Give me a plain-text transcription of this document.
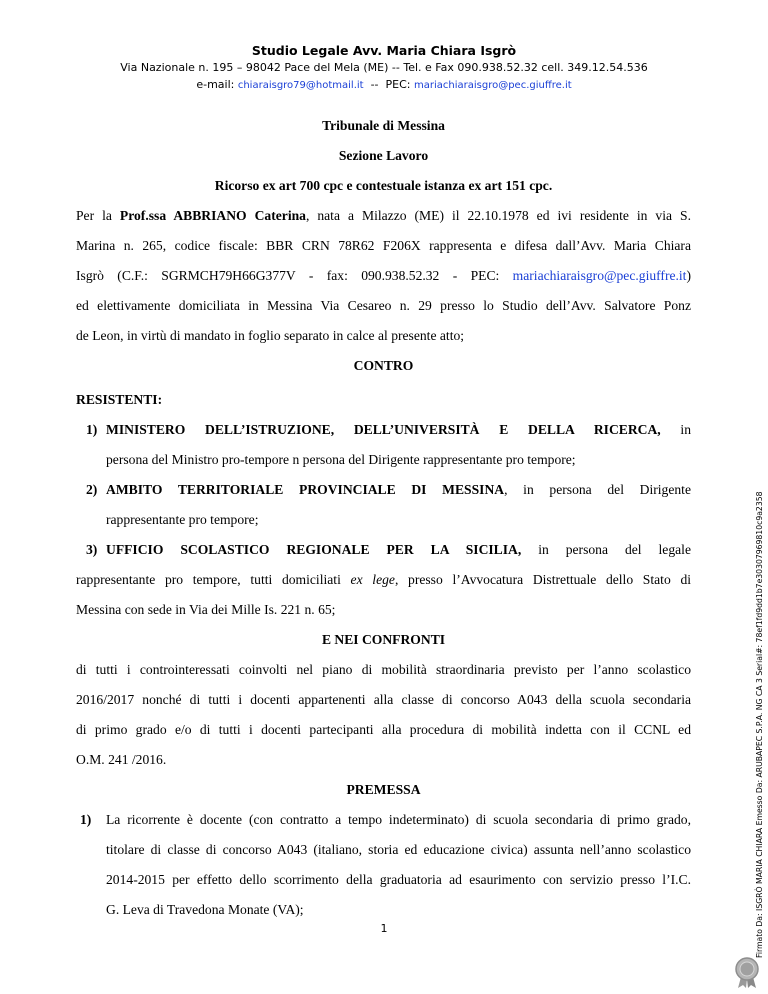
Studio Legale Avv. Maria Chiara Isgrò
Via Nazionale n. 195 – 98042 Pace del Mela (ME) -- Tel. e Fax 090.938.52.32 cell. 349.12.54.536
e-mail: chiaraisgro79@hotmail.it  --  PEC: mariachiaraisgro@pec.giuffre.it
Tribunale di Messina
Sezione Lavoro
Ricorso ex art 700 cpc e contestuale istanza ex art 151 cpc.
Per la Prof.ssa ABBRIANO Caterina, nata a Milazzo (ME) il 22.10.1978 ed ivi residente in via S.
Marina n. 265, codice fiscale: BBR CRN 78R62 F206X rappresenta e difesa dall’Avv. Maria Chiara
Isgrò (C.F.: SGRMCH79H66G377V - fax: 090.938.52.32 - PEC: mariachiaraisgro@pec.giuffre.it)
ed elettivamente domiciliata in Messina Via Cesareo n. 29 presso lo Studio dell’Avv. Salvatore Ponz
de Leon, in virtù di mandato in foglio separato in calce al presente atto;
CONTRO
RESISTENTI:
1) MINISTERO DELL’ISTRUZIONE, DELL’UNIVERSITÀ E DELLA RICERCA, in
persona del Ministro pro-tempore n persona del Dirigente rappresentante pro tempore;
2) AMBITO TERRITORIALE PROVINCIALE DI MESSINA, in persona del Dirigente
rappresentante pro tempore;
3) UFFICIO SCOLASTICO REGIONALE PER LA SICILIA, in persona del legale
rappresentante pro tempore, tutti domiciliati ex lege, presso l’Avvocatura Distrettuale dello Stato di
Messina con sede in Via dei Mille Is. 221 n. 65;
E NEI CONFRONTI
di tutti i controinteressati coinvolti nel piano di mobilità straordinaria previsto per l’anno scolastico
2016/2017 nonché di tutti i docenti appartenenti alla classe di concorso A043 della scuola secondaria
di primo grado e/o di tutti i docenti partecipanti alla procedura di mobilità indetta con il CCNL ed
O.M. 241 /2016.
PREMESSA
1) La ricorrente è docente (con contratto a tempo indeterminato) di scuola secondaria di primo grado,
titolare di classe di concorso A043 (italiano, storia ed educazione civica) assunta nell’anno scolastico
2014-2015 per effetto dello scorrimento della graduatoria ad esaurimento con servizio presso l’I.C.
G. Leva di Travedona Monate (VA);
1	Firmato Da: ISGRÒ MARIA CHIARA Emesso Da: ARUBAPEC S.P.A. NG CA 3 Serial#: 78ef1fd9dd1b7e30307969810c9a2358
